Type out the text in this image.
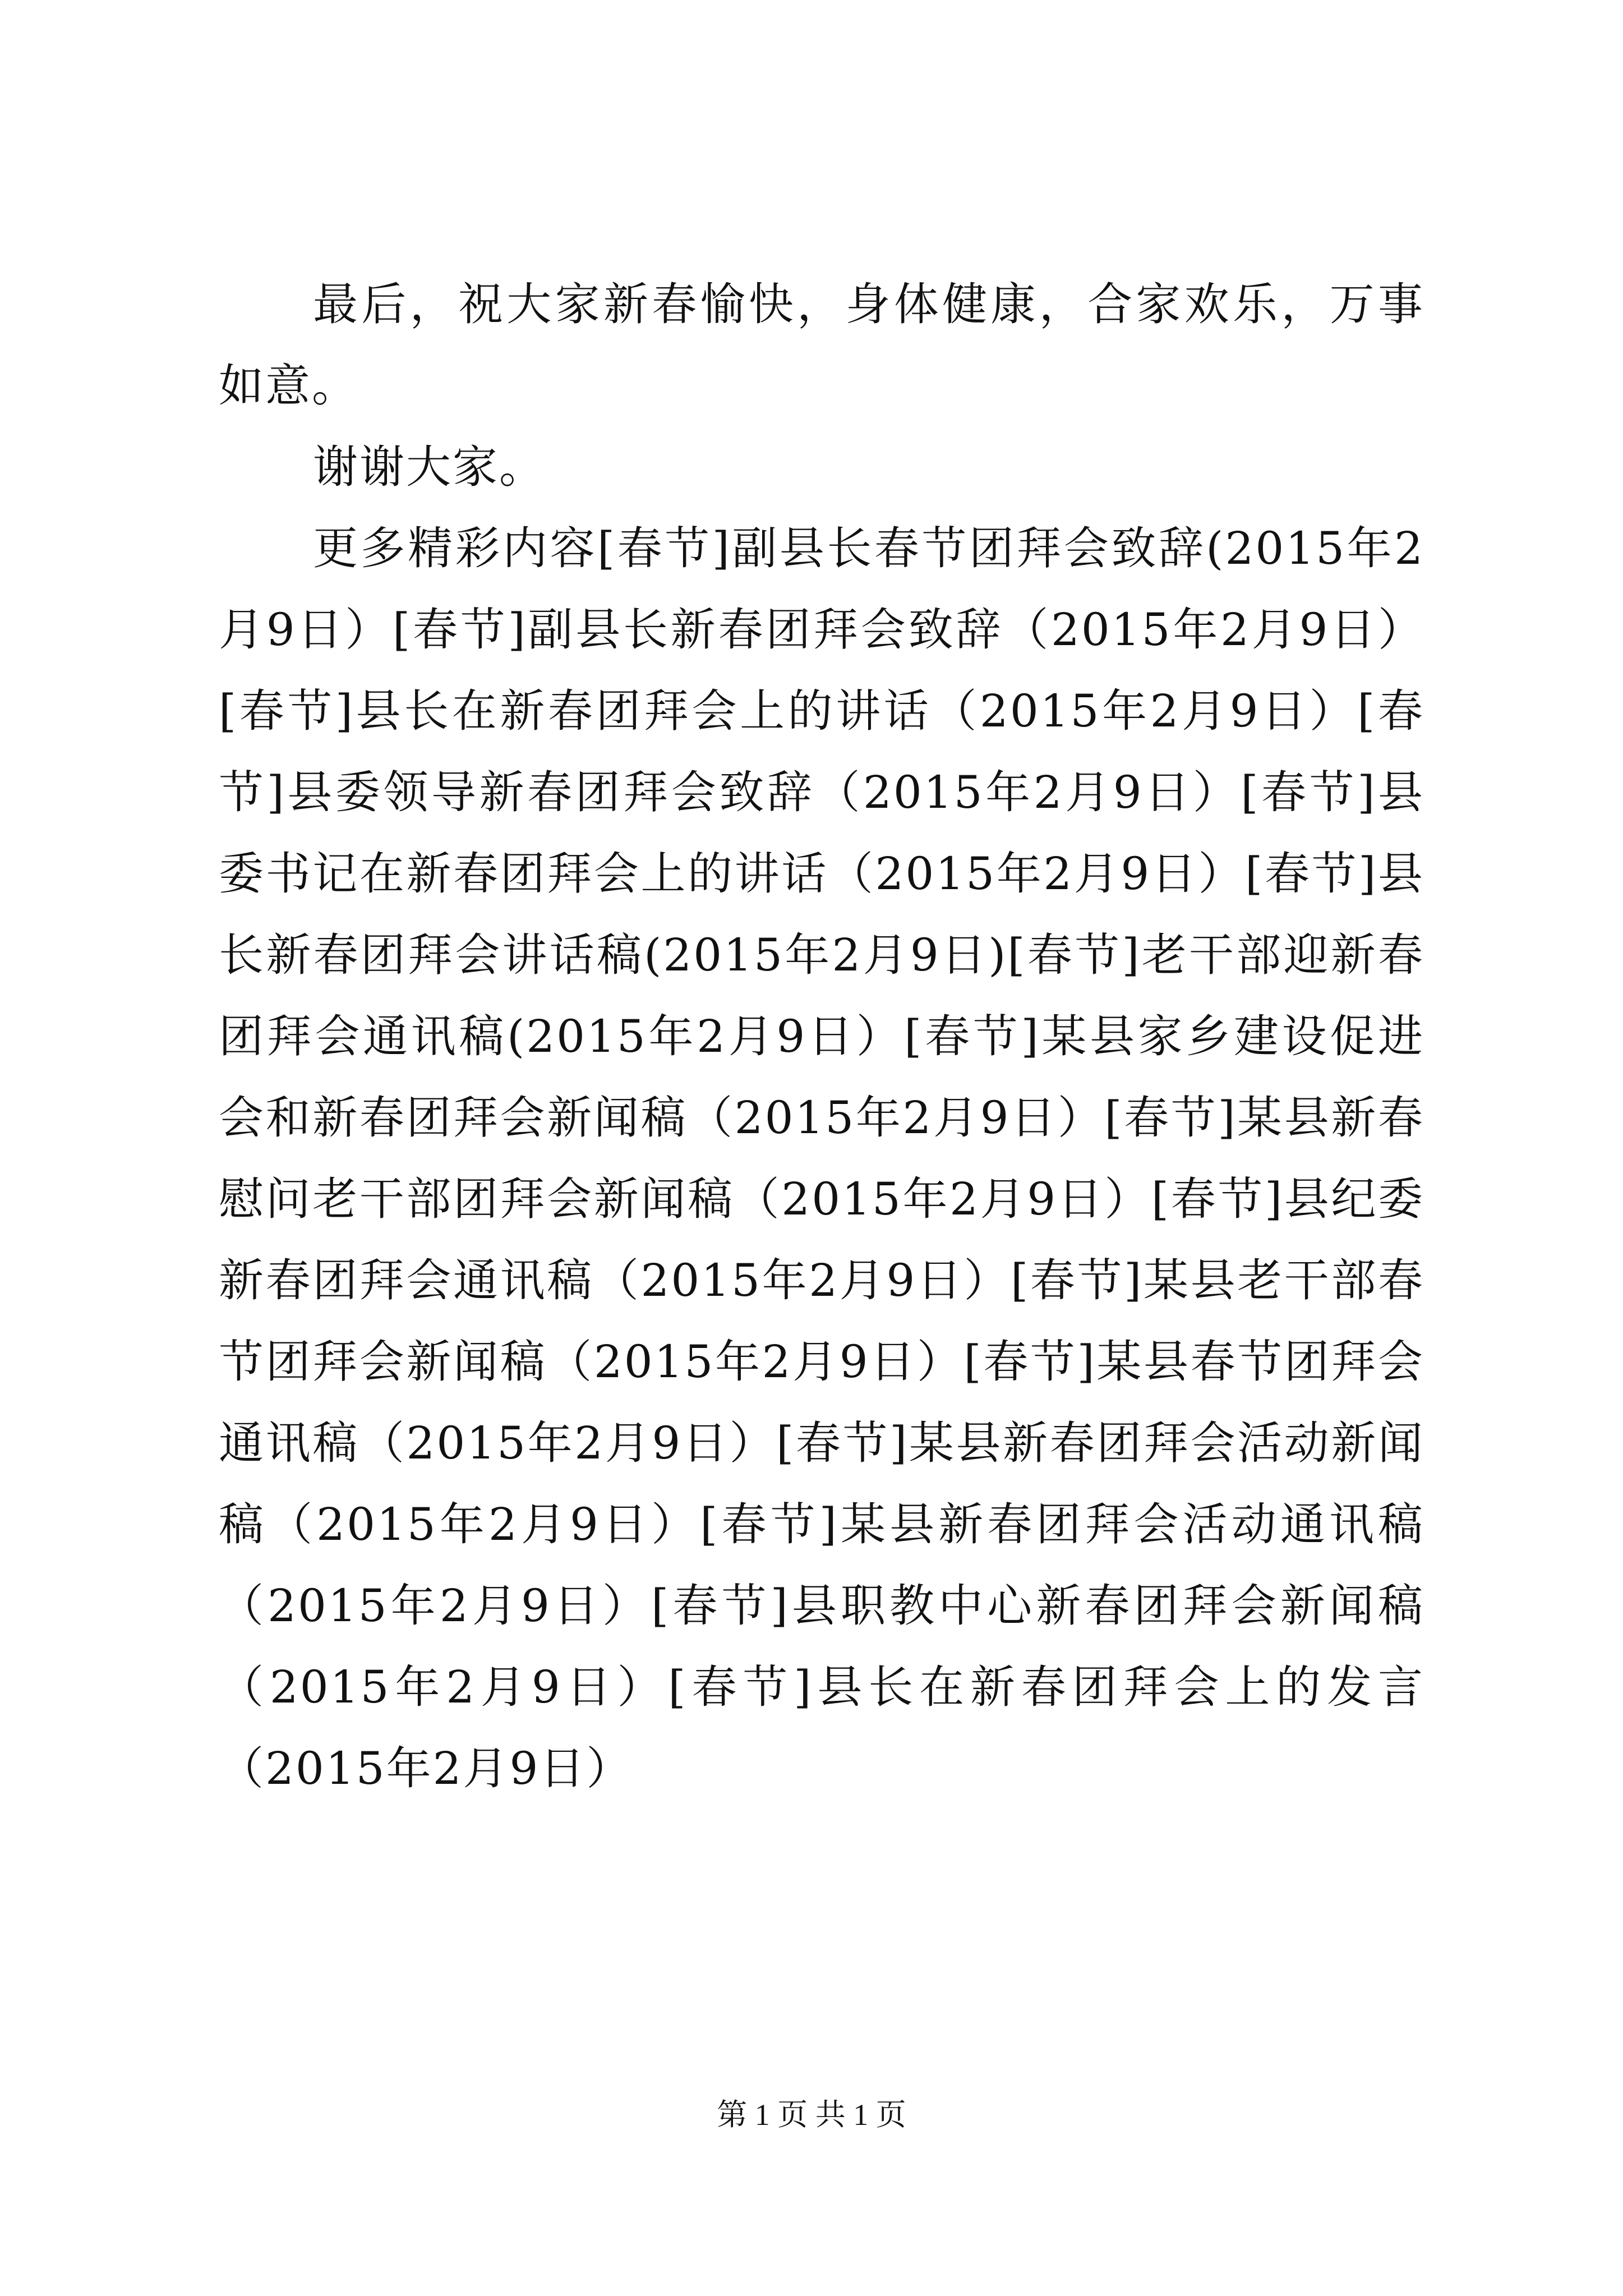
最后，祝大家新春愉快，身体健康，合家欢乐，万事如意。

谢谢大家。

更多精彩内容[春节]副县长春节团拜会致辞(2015年2月9日）[春节]副县长新春团拜会致辞（2015年2月9日）[春节]县长在新春团拜会上的讲话（2015年2月9日）[春节]县委领导新春团拜会致辞（2015年2月9日）[春节]县委书记在新春团拜会上的讲话（2015年2月9日）[春节]县长新春团拜会讲话稿(2015年2月9日)[春节]老干部迎新春团拜会通讯稿(2015年2月9日）[春节]某县家乡建设促进会和新春团拜会新闻稿（2015年2月9日）[春节]某县新春慰问老干部团拜会新闻稿（2015年2月9日）[春节]县纪委新春团拜会通讯稿（2015年2月9日）[春节]某县老干部春节团拜会新闻稿（2015年2月9日）[春节]某县春节团拜会通讯稿（2015年2月9日）[春节]某县新春团拜会活动新闻稿（2015年2月9日）[春节]某县新春团拜会活动通讯稿（2015年2月9日）[春节]县职教中心新春团拜会新闻稿（2015年2月9日）[春节]县长在新春团拜会上的发言（2015年2月9日）

第 1 页 共 1 页
